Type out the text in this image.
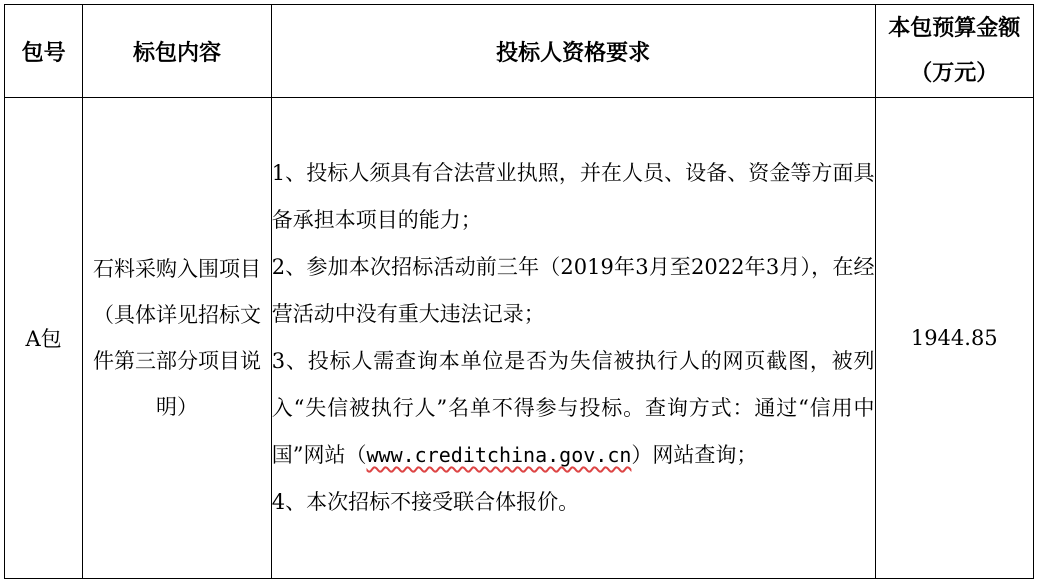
包号	标包内容	投标人资格要求	本包预算金额（万元）

A包	石料采购入围项目（具体详见招标文件第三部分项目说明）	1、投标人须具有合法营业执照，并在人员、设备、资金等方面具备承担本项目的能力；
2、参加本次招标活动前三年（2019年3月至2022年3月），在经营活动中没有重大违法记录；
3、投标人需查询本单位是否为失信被执行人的网页截图，被列入“失信被执行人”名单不得参与投标。查询方式：通过“信用中国”网站（www.creditchina.gov.cn）网站查询；
4、本次招标不接受联合体报价。	1944.85
